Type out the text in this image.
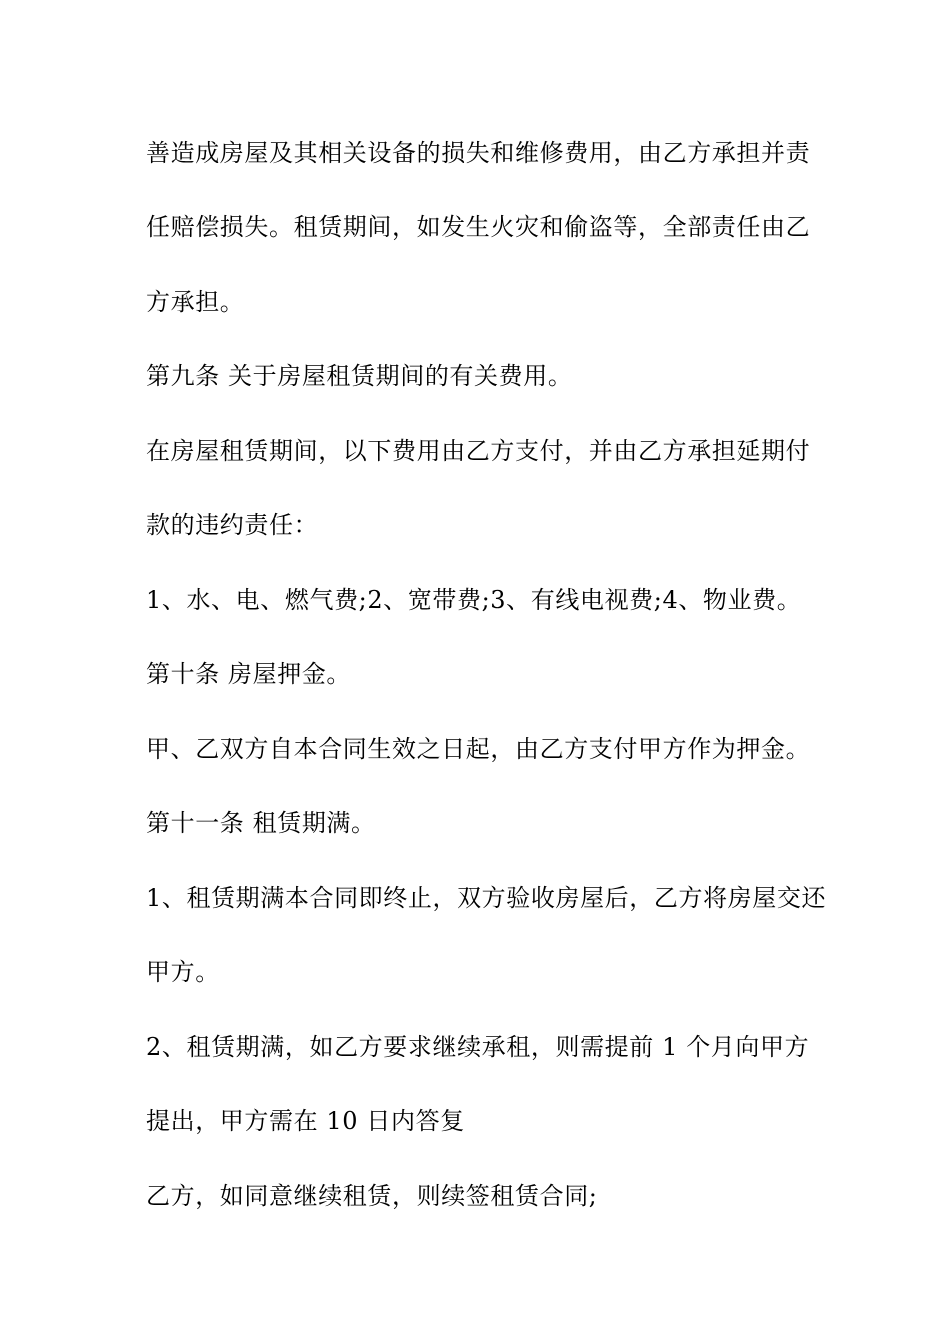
善造成房屋及其相关设备的损失和维修费用，由乙方承担并责
任赔偿损失。租赁期间，如发生火灾和偷盗等，全部责任由乙
方承担。
第九条 关于房屋租赁期间的有关费用。
在房屋租赁期间，以下费用由乙方支付，并由乙方承担延期付
款的违约责任：
1、水、电、燃气费;2、宽带费;3、有线电视费;4、物业费。
第十条 房屋押金。
甲、乙双方自本合同生效之日起，由乙方支付甲方作为押金。
第十一条 租赁期满。
1、租赁期满本合同即终止，双方验收房屋后，乙方将房屋交还
甲方。
2、租赁期满，如乙方要求继续承租，则需提前 1 个月向甲方
提出，甲方需在 10 日内答复
乙方，如同意继续租赁，则续签租赁合同;
